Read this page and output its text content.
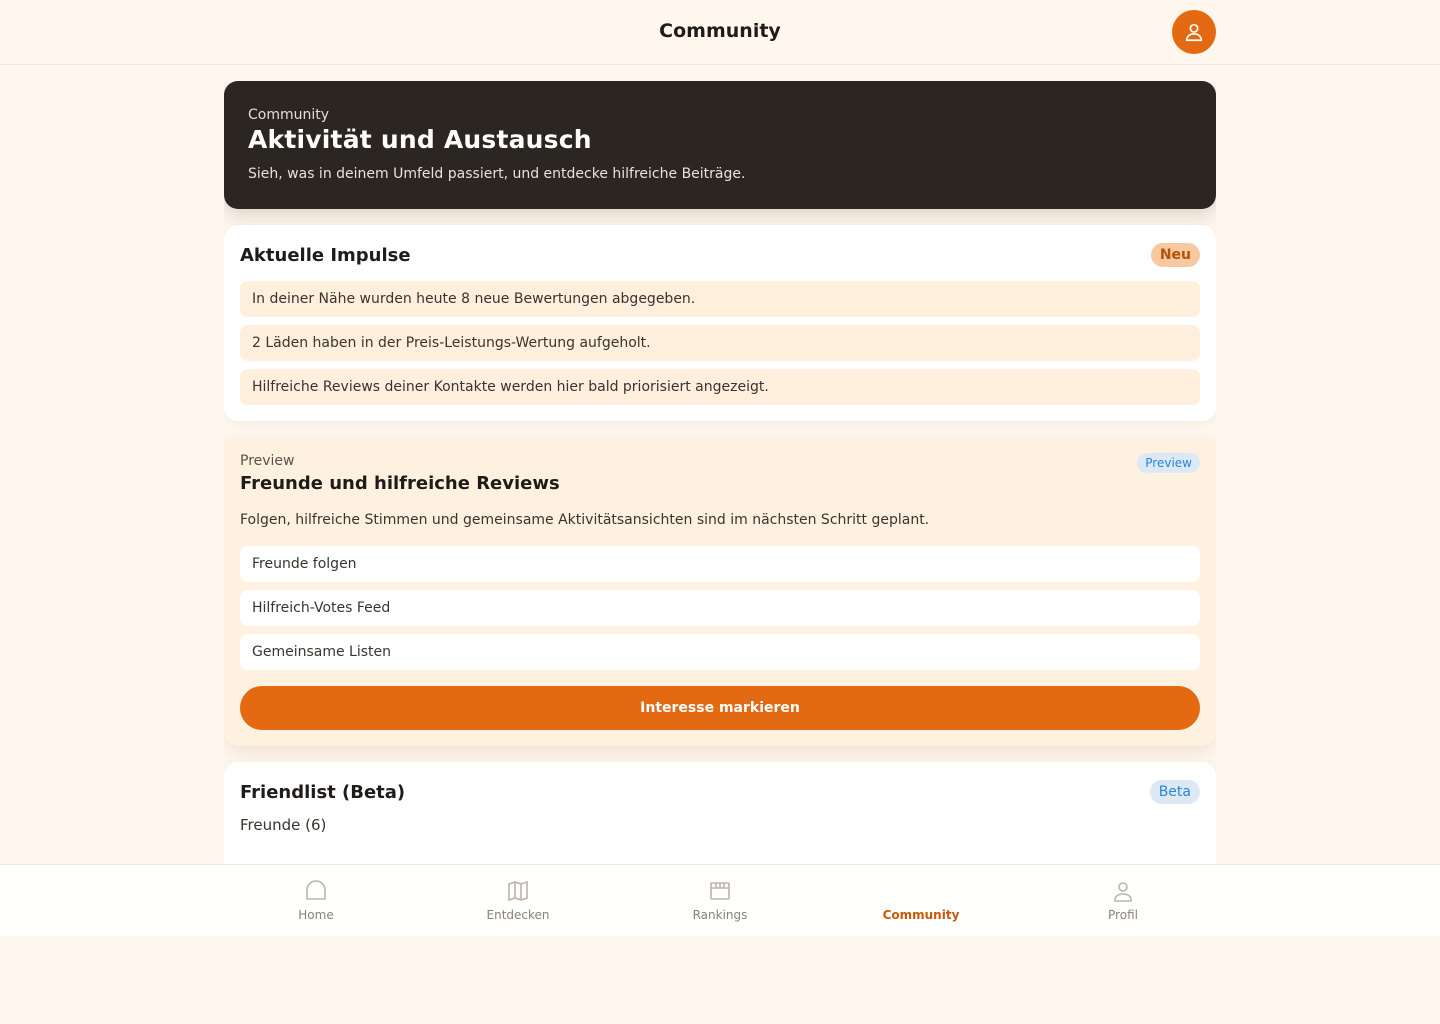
Community
Community
Aktivität und Austausch
Sieh, was in deinem Umfeld passiert, und entdecke hilfreiche Beiträge.
Aktuelle Impulse	Neu
In deiner Nähe wurden heute 8 neue Bewertungen abgegeben.
2 Läden haben in der Preis-Leistungs-Wertung aufgeholt.
Hilfreiche Reviews deiner Kontakte werden hier bald priorisiert angezeigt.
Preview
Freunde und hilfreiche Reviews
Preview
Folgen, hilfreiche Stimmen und gemeinsame Aktivitätsansichten sind im nächsten Schritt geplant.
Freunde folgen
Hilfreich-Votes Feed
Gemeinsame Listen
Interesse markieren
Friendlist (Beta)	Beta
Freunde (6)
Home	Entdecken	Rankings	Community	Profil
